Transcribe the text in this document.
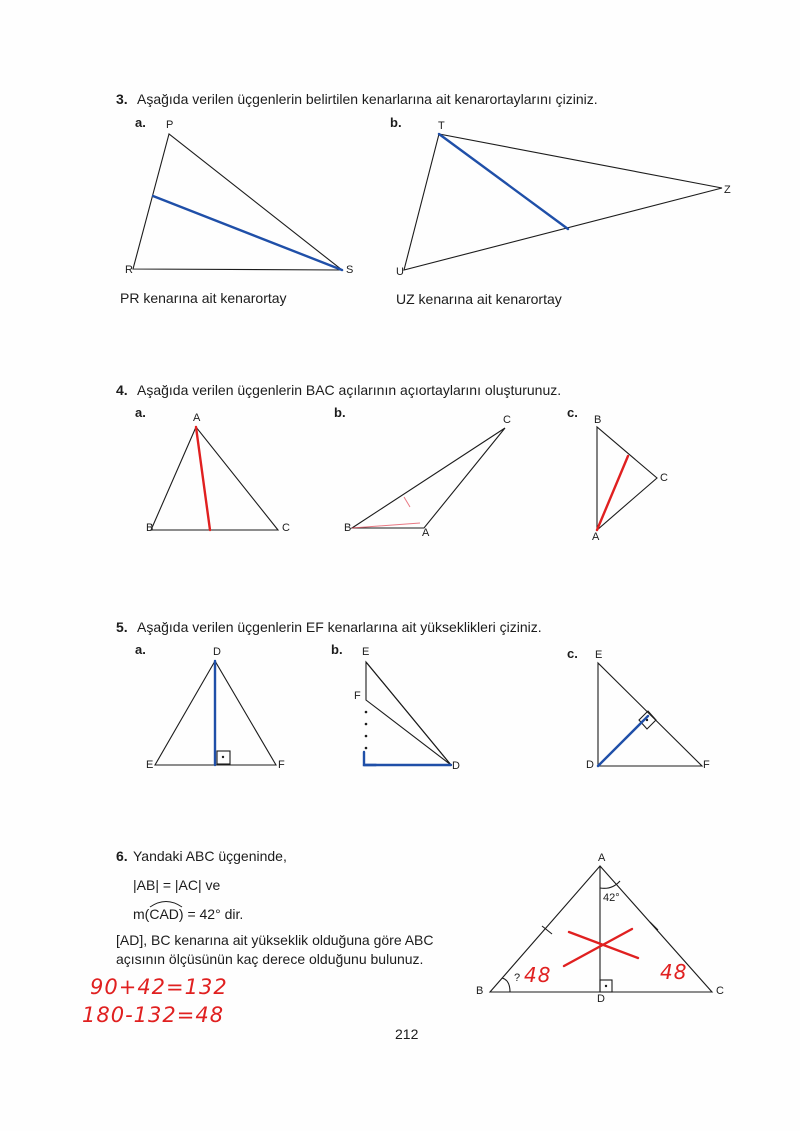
3. Aşağıda verilen üçgenlerin belirtilen kenarlarına ait kenarortaylarını çiziniz.
a.	b.
P
R	S
T
U
Z
PR kenarına ait kenarortay	UZ kenarına ait kenarortay
4. Aşağıda verilen üçgenlerin BAC açılarının açıortaylarını oluşturunuz.
a.	b.	c.
A
B	C
C
B	A
B
C
A
5. Aşağıda verilen üçgenlerin EF kenarlarına ait yükseklikleri çiziniz.
a.	b.	c.
D
E	F
E
F
D
E
D	F
6. Yandaki ABC üçgeninde,
|AB| = |AC| ve
m(CAD
) = 42° dir.
[AD], BC kenarına ait yükseklik olduğuna göre ABC
açısının ölçüsünün kaç derece olduğunu bulunuz.
A
B	C
D
42°
?
90+42=132
180-132=48
48	48
212
